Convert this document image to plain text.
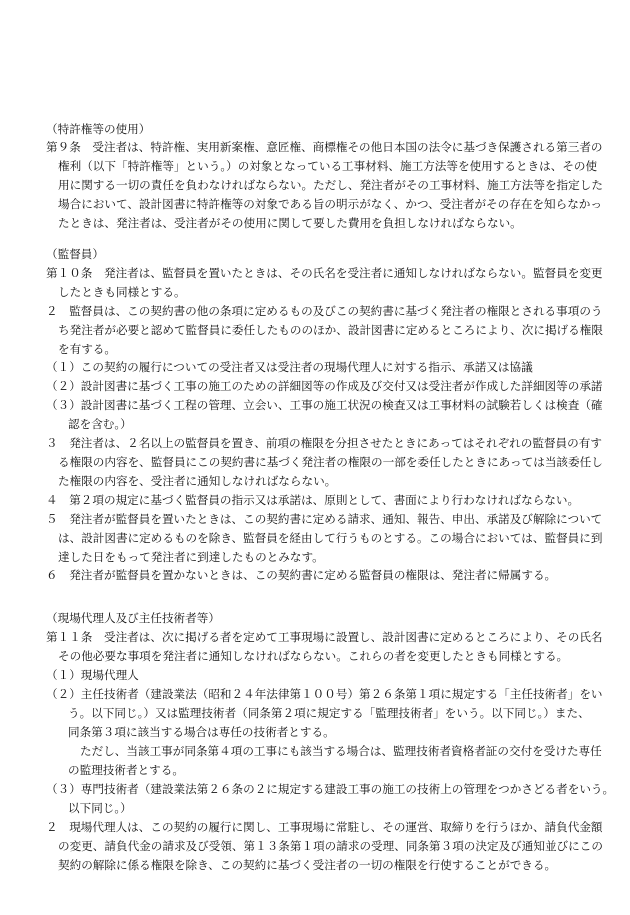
（特許権等の使用）
第９条　受注者は、特許権、実用新案権、意匠権、商標権その他日本国の法令に基づき保護される第三者の
権利（以下「特許権等」という。）の対象となっている工事材料、施工方法等を使用するときは、その使
用に関する一切の責任を負わなければならない。ただし、発注者がその工事材料、施工方法等を指定した
場合において、設計図書に特許権等の対象である旨の明示がなく、かつ、受注者がその存在を知らなかっ
たときは、発注者は、受注者がその使用に関して要した費用を負担しなければならない。
（監督員）
第１０条　発注者は、監督員を置いたときは、その氏名を受注者に通知しなければならない。監督員を変更
したときも同様とする。
２　監督員は、この契約書の他の条項に定めるもの及びこの契約書に基づく発注者の権限とされる事項のう
ち発注者が必要と認めて監督員に委任したもののほか、設計図書に定めるところにより、次に掲げる権限
を有する。
（１）この契約の履行についての受注者又は受注者の現場代理人に対する指示、承諾又は協議
（２）設計図書に基づく工事の施工のための詳細図等の作成及び交付又は受注者が作成した詳細図等の承諾
（３）設計図書に基づく工程の管理、立会い、工事の施工状況の検査又は工事材料の試験若しくは検査（確
認を含む。）
３　発注者は、２名以上の監督員を置き、前項の権限を分担させたときにあってはそれぞれの監督員の有す
る権限の内容を、監督員にこの契約書に基づく発注者の権限の一部を委任したときにあっては当該委任し
た権限の内容を、受注者に通知しなければならない。
４　第２項の規定に基づく監督員の指示又は承諾は、原則として、書面により行わなければならない。
５　発注者が監督員を置いたときは、この契約書に定める請求、通知、報告、申出、承諾及び解除について
は、設計図書に定めるものを除き、監督員を経由して行うものとする。この場合においては、監督員に到
達した日をもって発注者に到達したものとみなす。
６　発注者が監督員を置かないときは、この契約書に定める監督員の権限は、発注者に帰属する。
（現場代理人及び主任技術者等）
第１１条　受注者は、次に掲げる者を定めて工事現場に設置し、設計図書に定めるところにより、その氏名
その他必要な事項を発注者に通知しなければならない。これらの者を変更したときも同様とする。
（１）現場代理人
（２）主任技術者（建設業法（昭和２４年法律第１００号）第２６条第１項に規定する「主任技術者」をい
う。以下同じ。）又は監理技術者（同条第２項に規定する「監理技術者」をいう。以下同じ。）また、
同条第３項に該当する場合は専任の技術者とする。
ただし、当該工事が同条第４項の工事にも該当する場合は、監理技術者資格者証の交付を受けた専任
の監理技術者とする。
（３）専門技術者（建設業法第２６条の２に規定する建設工事の施工の技術上の管理をつかさどる者をいう。
以下同じ。）
２　現場代理人は、この契約の履行に関し、工事現場に常駐し、その運営、取締りを行うほか、請負代金額
の変更、請負代金の請求及び受領、第１３条第１項の請求の受理、同条第３項の決定及び通知並びにこの
契約の解除に係る権限を除き、この契約に基づく受注者の一切の権限を行使することができる。
